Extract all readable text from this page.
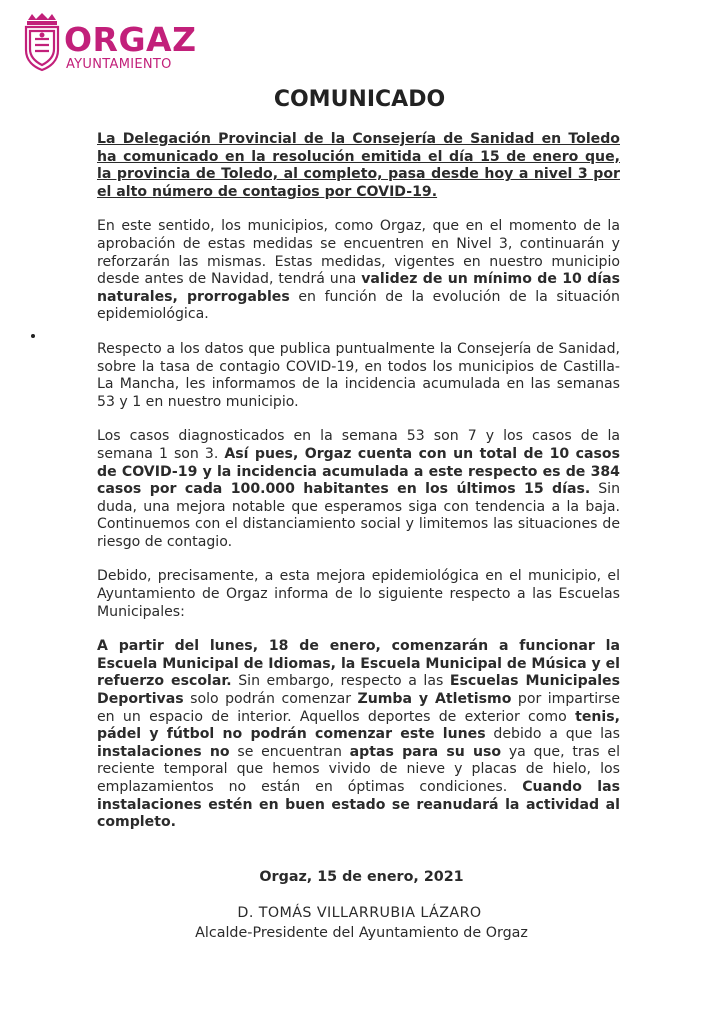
ORGAZ
AYUNTAMIENTO
COMUNICADO

La Delegación Provincial de la Consejería de Sanidad en Toledo ha comunicado en la resolución emitida el día 15 de enero que, la provincia de Toledo, al completo, pasa desde hoy a nivel 3 por el alto número de contagios por COVID-19.

En este sentido, los municipios, como Orgaz, que en el momento de la aprobación de estas medidas se encuentren en Nivel 3, continuarán y reforzarán las mismas. Estas medidas, vigentes en nuestro municipio desde antes de Navidad, tendrá una validez de un mínimo de 10 días naturales, prorrogables en función de la evolución de la situación epidemiológica.

Respecto a los datos que publica puntualmente la Consejería de Sanidad, sobre la tasa de contagio COVID-19, en todos los municipios de Castilla-La Mancha, les informamos de la incidencia acumulada en las semanas 53 y 1 en nuestro municipio.

Los casos diagnosticados en la semana 53 son 7 y los casos de la semana 1 son 3. Así pues, Orgaz cuenta con un total de 10 casos de COVID-19 y la incidencia acumulada a este respecto es de 384 casos por cada 100.000 habitantes en los últimos 15 días. Sin duda, una mejora notable que esperamos siga con tendencia a la baja. Continuemos con el distanciamiento social y limitemos las situaciones de riesgo de contagio.

Debido, precisamente, a esta mejora epidemiológica en el municipio, el Ayuntamiento de Orgaz informa de lo siguiente respecto a las Escuelas Municipales:

A partir del lunes, 18 de enero, comenzarán a funcionar la Escuela Municipal de Idiomas, la Escuela Municipal de Música y el refuerzo escolar. Sin embargo, respecto a las Escuelas Municipales Deportivas solo podrán comenzar Zumba y Atletismo por impartirse en un espacio de interior. Aquellos deportes de exterior como tenis, pádel y fútbol no podrán comenzar este lunes debido a que las instalaciones no se encuentran aptas para su uso ya que, tras el reciente temporal que hemos vivido de nieve y placas de hielo, los emplazamientos no están en óptimas condiciones. Cuando las instalaciones estén en buen estado se reanudará la actividad al completo.

Orgaz, 15 de enero, 2021
D. TOMÁS VILLARRUBIA LÁZARO
Alcalde-Presidente del Ayuntamiento de Orgaz
